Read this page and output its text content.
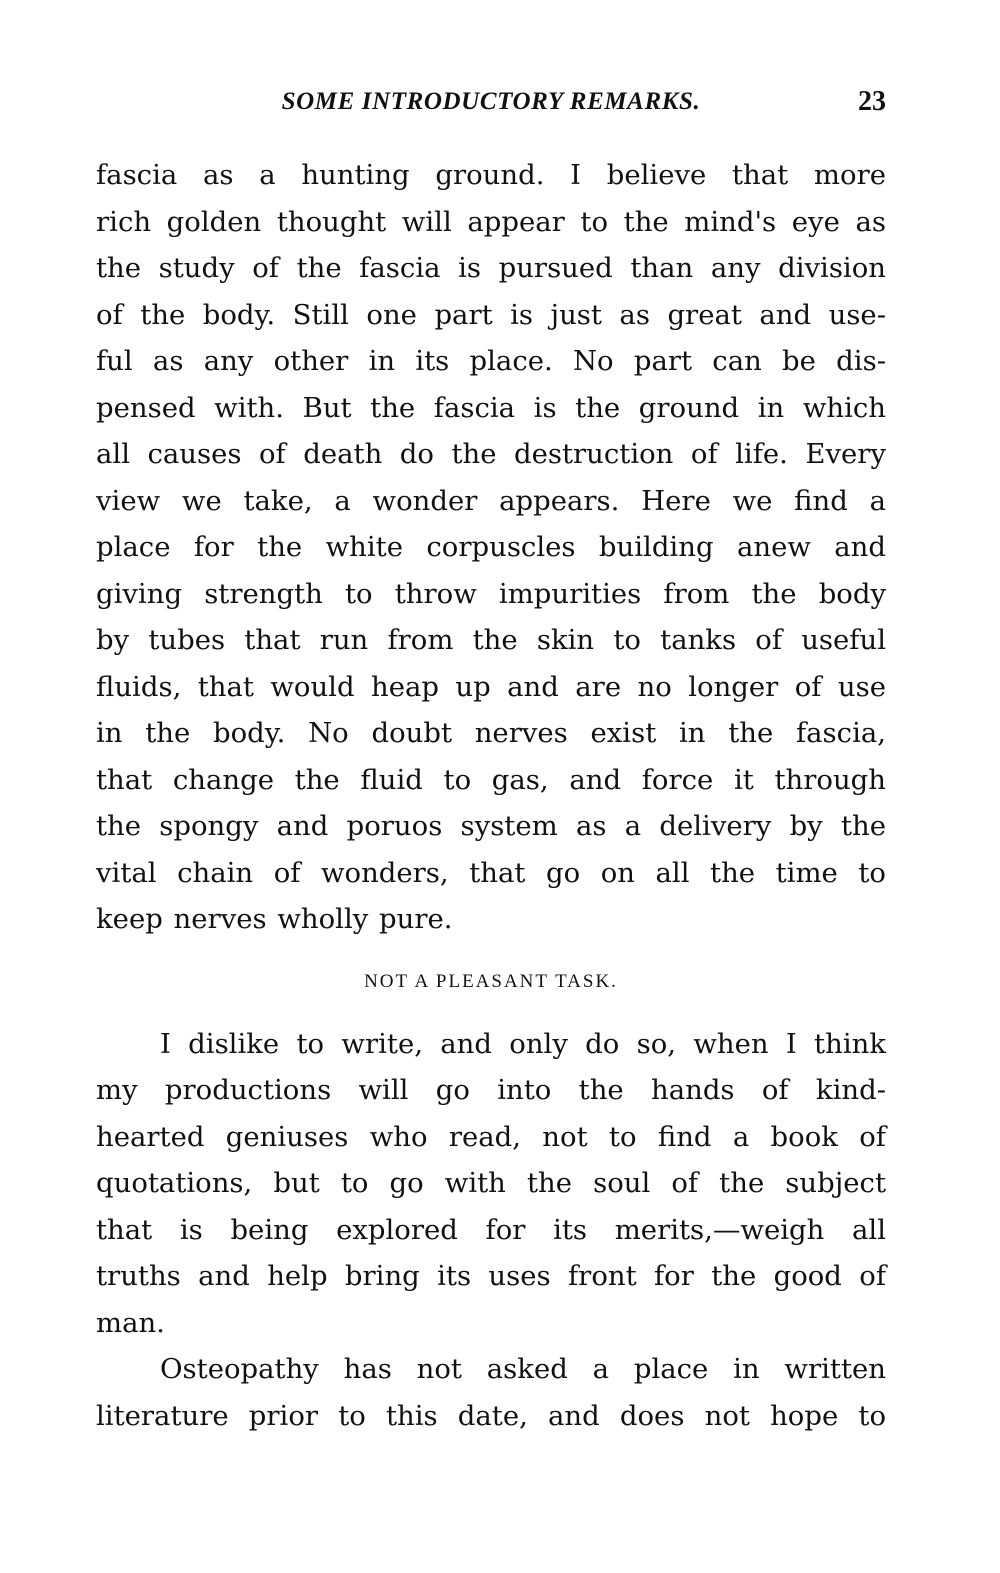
SOME INTRODUCTORY REMARKS.	23
fascia as a hunting ground. I believe that more
rich golden thought will appear to the mind's eye as
the study of the fascia is pursued than any division
of the body. Still one part is just as great and use-
ful as any other in its place. No part can be dis-
pensed with. But the fascia is the ground in which
all causes of death do the destruction of life. Every
view we take, a wonder appears. Here we find a
place for the white corpuscles building anew and
giving strength to throw impurities from the body
by tubes that run from the skin to tanks of useful
fluids, that would heap up and are no longer of use
in the body. No doubt nerves exist in the fascia,
that change the fluid to gas, and force it through
the spongy and poruos system as a delivery by the
vital chain of wonders, that go on all the time to
keep nerves wholly pure.
NOT A PLEASANT TASK.
I dislike to write, and only do so, when I think
my productions will go into the hands of kind-
hearted geniuses who read, not to find a book of
quotations, but to go with the soul of the subject
that is being explored for its merits,—weigh all
truths and help bring its uses front for the good of
man.
Osteopathy has not asked a place in written
literature prior to this date, and does not hope to
